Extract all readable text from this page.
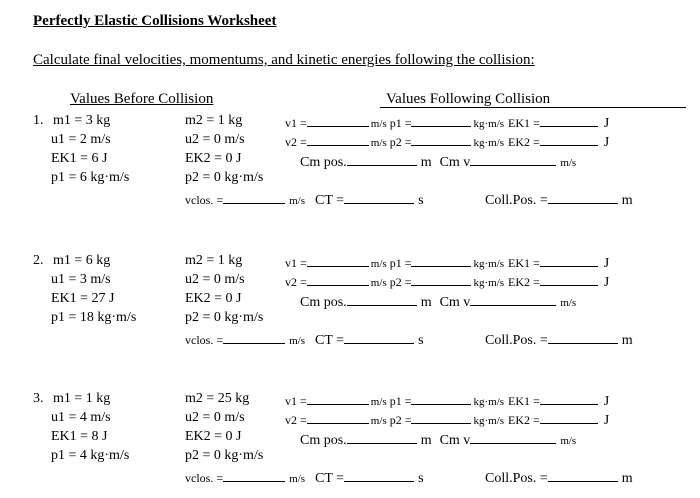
Perfectly Elastic Collisions Worksheet
Calculate final velocities, momentums, and kinetic energies following the collision:
Values Before Collision	Values Following Collision
1. m1 = 3 kg
u1 = 2 m/s
EK1 = 6 J
p1 = 6 kg·m/s
m2 = 1 kg
u2 = 0 m/s
EK2 = 0 J
p2 = 0 kg·m/s
vclos. =	m/s CT =	s
v1 =	m/s p1 =	kg·m/s EK1 =	J
v2 =	m/s p2 =	kg·m/s EK2 =	J
Cm pos.	m Cm v	m/s
Coll.Pos. =	m
2. m1 = 6 kg
u1 = 3 m/s
EK1 = 27 J
p1 = 18 kg·m/s
m2 = 1 kg
u2 = 0 m/s
EK2 = 0 J
p2 = 0 kg·m/s
vclos. =	m/s CT =	s
v1 =	m/s p1 =	kg·m/s EK1 =	J
v2 =	m/s p2 =	kg·m/s EK2 =	J
Cm pos.	m Cm v	m/s
Coll.Pos. =	m
3. m1 = 1 kg
u1 = 4 m/s
EK1 = 8 J
p1 = 4 kg·m/s
m2 = 25 kg
u2 = 0 m/s
EK2 = 0 J
p2 = 0 kg·m/s
vclos. =	m/s CT =	s
v1 =	m/s p1 =	kg·m/s EK1 =	J
v2 =	m/s p2 =	kg·m/s EK2 =	J
Cm pos.	m Cm v	m/s
Coll.Pos. =	m
